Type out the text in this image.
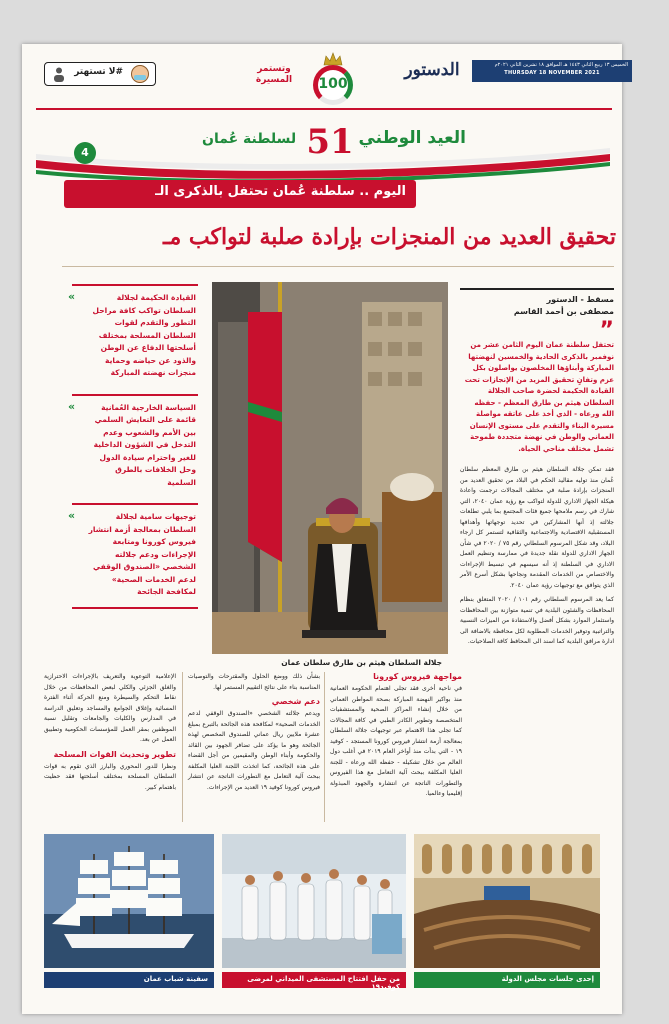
#لا تستهتر	وتستمر المسيرة	100
الدستور	الخميس ١٣ ربيع الثاني ١٤٤٣ هـ الموافق ١٨ تشرين الثاني ٢٠٢١م
THURSDAY 18 NOVEMBER 2021
العيد الوطني
51
لسلطنة عُمان
4
اليوم .. سلطنة عُمان تحتفل بالذكرى الـ
تحقيق العديد من المنجزات بإرادة صلبة لتواكب مـ
«	القيادة الحكيمة لجلالة السلطان تواكب كافة مراحل التطور والتقدم لقوات السلطان المسلحة بمختلف أسلحتها الدفاع عن الوطن والذود عن حياضه وحماية منجزات نهضته المباركة
«	السياسة الخارجية العُمانية قائمة على التعايش السلمي بين الأمم والشعوب وعدم التدخل في الشؤون الداخلية للغير واحترام سيادة الدول وحل الخلافات بالطرق السلمية
«	توجيهات سامية لجلالة السلطان بمعالجة أزمة انتشار فيروس كورونا ومتابعة الإجراءات ودعم جلالته الشخصي «الصندوق الوقفي لدعم الخدمات الصحية» لمكافحة الجائحة
جلالة السلطان هيثم بن طارق سلطان عمان
مسقط - الدستور
مصطفى بن أحمد القاسم
”
تحتفل سلطنة عمان اليوم الثامن عشر من نوفمبر بالذكرى الحادية والخمسين لنهضتها المباركة وأبناؤها المخلصون يواصلون بكل عزم وتفانٍ تحقيق المزيد من الإنجازات تحت القيادة الحكيمة لحضرة صاحب الجلالة السلطان هيثم بن طارق المعظم - حفظه الله ورعاه - الذي أخذ على عاتقه مواصلة مسيرة البناء والتقدم على مستوى الإنسان العماني والوطن في نهضة متجددة طموحة تشمل مختلف مناحي الحياة.
فقد تمكن جلالة السلطان هيثم بن طارق المعظم سلطان عُمان منذ توليه مقاليد الحكم في البلاد من تحقيق العديد من المنجزات بإرادة صلبة في مختلف المجالات ترجمت واعادة هيكلة الجهاز الاداري للدولة لتواكب مع رؤية عمان ٢٠٤٠، التي شارك في رسم ملامحها جميع فئات المجتمع بما يلبي تطلعات جلالته إذ أنها المشاركين في تحديد توجهاتها وأهدافها المستقبلية الاقتصادية والاجتماعية والثقافية لتستمر كل ارجاء البلاد، وقد شكل المرسوم السلطاني رقم ٧٥ / ٢٠٢٠ في شأن الجهاز الاداري للدولة نقلة جديدة في ممارسة وتنظيم العمل الاداري في السلطنة إذ أنه سيسهم في تبسيط الإجراءات والاختصاص من الخدمات المقدمة ونجاحها بشكل أسرع الأمر الذي يتوافق مع توجيهات رؤية عمان ٢٠٤٠.
كما يعد المرسوم السلطاني رقم ١٠١ / ٢٠٢٠ المتعلق بنظام المحافظات والشئون البلدية في تنمية متوازنة بين المحافظات واستثمار الموارد بشكل أفضل والاستفادة من الميزات النسبية والتراتبية وتوفير الخدمات المطلوبة لكل محافظة بالاضافة الى ادارة مرافق البلدية كما اسند الى المحافظ كافة الصلاحيات.
مواجهة فيروس كورونا
في ناحية أخرى فقد تجلى اهتمام الحكومة العمانية منذ بواكير النهضة المباركة بصحة المواطن العماني من خلال إنشاء المراكز الصحية والمستشفيات المتخصصة وتطوير الكادر الطبي في كافة المجالات كما تجلى هذا الاهتمام عبر توجيهات جلالة السلطان بمعالجة أزمة انتشار فيروس كورونا المستجد - كوفيد ١٩ - التي بدأت منذ أواخر العام ٢٠١٩ في أغلب دول العالم من خلال تشكيله - حفظه الله ورعاه - للجنة العليا المكلفة ببحث آلية التعامل مع هذا الفيروس والتطورات الناتجة عن انتشاره والجهود المبذولة إقليميا وعالميا.
بشأن ذلك ووضع الحلول والمقترحات والتوصيات المناسبة بناء على نتائج التقييم المستمر لها.
دعم شخصي
ويدعم جلالته الشخصي «الصندوق الوقفي لدعم الخدمات الصحية» لمكافحة هذه الجائحة بالتبرع بمبلغ عشرة ملايين ريال عماني للصندوق المخصص لهذه الجائحة وهو ما يؤكد على تضافر الجهود بين القائد والحكومة وأبناء الوطن والمقيمين من أجل القضاء على هذه الجائحة، كما اتخذت اللجنة العليا المكلفة ببحث آلية التعامل مع التطورات الناتجة عن انتشار فيروس كورونا كوفيد ١٩ العديد من الإجراءات.
الإعلامية التوعوية والتعريف بالإجراءات الاحترازية والغلق الجزئي والكلي لبعض المحافظات من خلال نقاط التحكم والسيطرة ومنع الحركة أثناء الفترة المسائية وإغلاق الجوامع والمساجد وتعليق الدراسة في المدارس والكليات والجامعات وتقليل نسبة الموظفين بمقر العمل للمؤسسات الحكومية وتطبيق العمل عن بعد.
تطوير وتحديث القوات المسلحة
ونظرا للدور المحوري والبارز الذي تقوم به قوات السلطان المسلحة بمختلف أسلحتها فقد حظيت باهتمام كبير.
سفينة شباب عمان	من حفل افتتاح المستشفى الميداني لمرضى كوفيد١٩
إحدى جلسات مجلس الدولة
